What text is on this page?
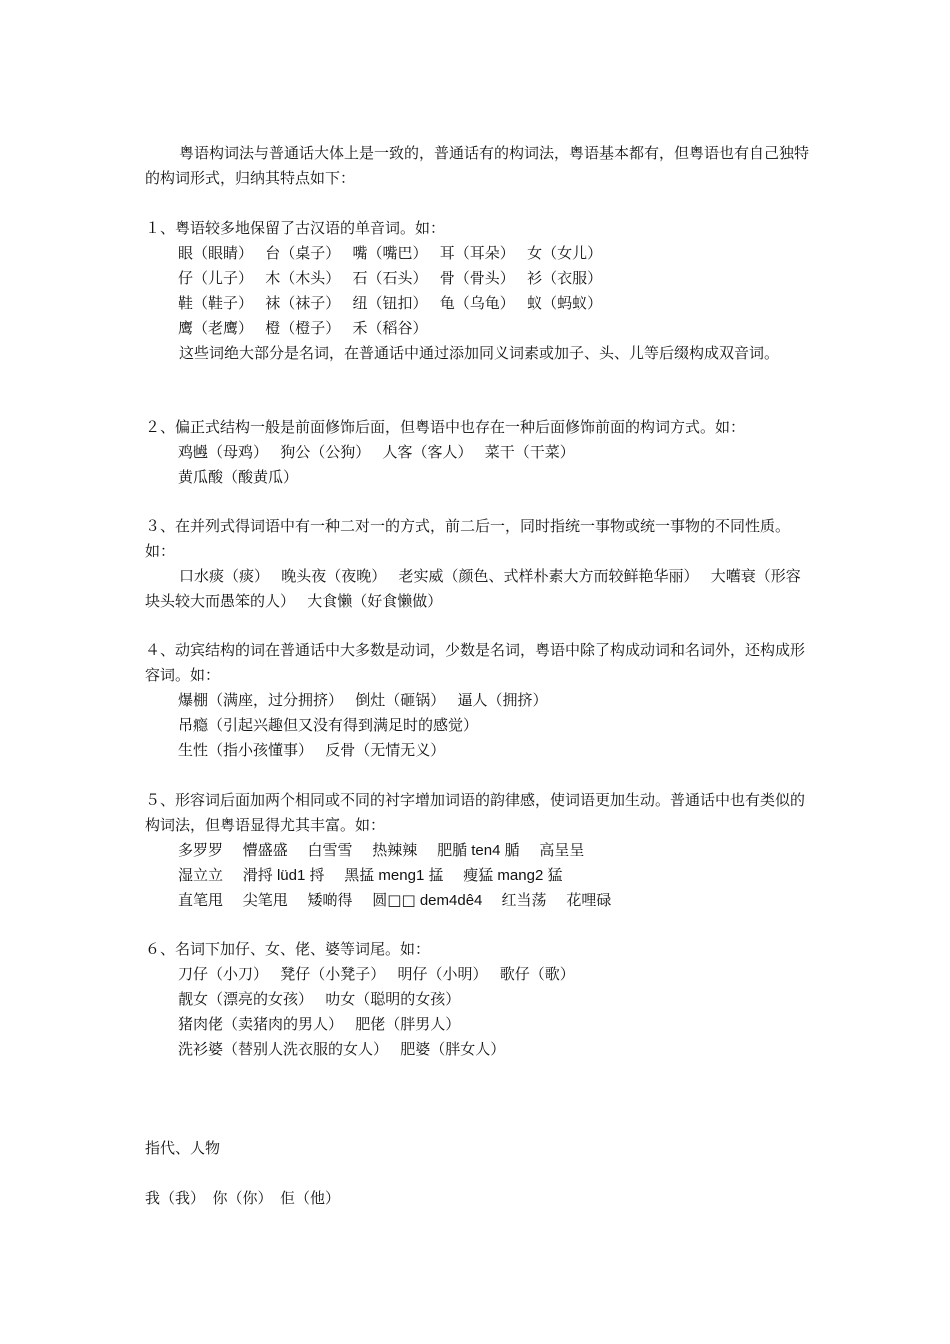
粤语构词法与普通话大体上是一致的，普通话有的构词法，粤语基本都有，但粤语也有自己独特的构词形式，归纳其特点如下：

１、粤语较多地保留了古汉语的单音词。如：

眼（眼睛）　 台（桌子）　 嘴（嘴巴）　 耳（耳朵）　 女（女儿）

仔（儿子）　 木（木头）　 石（石头）　 骨（骨头）　 衫（衣服）

鞋（鞋子）　 袜（袜子）　 纽（钮扣）　 龟（乌龟）　 蚁（蚂蚁）

鹰（老鹰）　 橙（橙子）　 禾（稻谷）

这些词绝大部分是名词，在普通话中通过添加同义词素或加子、头、儿等后缀构成双音词。

２、偏正式结构一般是前面修饰后面，但粤语中也存在一种后面修饰前面的构词方式。如：

鸡乸（母鸡）　 狗公（公狗）　 人客（客人）　 菜干（干菜）

黄瓜酸（酸黄瓜）

３、在并列式得词语中有一种二对一的方式，前二后一，同时指统一事物或统一事物的不同性质。如：

口水痰（痰）　 晚头夜（夜晚）　 老实威（颜色、式样朴素大方而较鲜艳华丽）　 大嚿衰（形容块头较大而愚笨的人）　 大食懒（好食懒做）

４、动宾结构的词在普通话中大多数是动词，少数是名词，粤语中除了构成动词和名词外，还构成形容词。如：

爆棚（满座，过分拥挤）　 倒灶（砸锅）　 逼人（拥挤）

吊瘾（引起兴趣但又没有得到满足时的感觉）

生性（指小孩懂事）　 反骨（无情无义）

５、形容词后面加两个相同或不同的衬字增加词语的韵律感，使词语更加生动。普通话中也有类似的构词法，但粤语显得尤其丰富。如：

多罗罗　 懵盛盛　 白雪雪　 热辣辣　 肥腯 ten4 腯　 高呈呈

湿立立　 滑捋 lüd1 捋　 黑掹 meng1 掹　 瘦猛 mang2 猛

直笔甩　 尖笔甩　 矮啲得　 圆□□ dem4dê4 　红当荡　 花哩碌

６、名词下加仔、女、佬、婆等词尾。如：

刀仔（小刀）　 凳仔（小凳子）　 明仔（小明）　 歌仔（歌）

靓女（漂亮的女孩）　 叻女（聪明的女孩）

猪肉佬（卖猪肉的男人）　 肥佬（胖男人）

洗衫婆（替别人洗衣服的女人）　 肥婆（胖女人）

指代、人物

我（我）　你（你）　佢（他）
